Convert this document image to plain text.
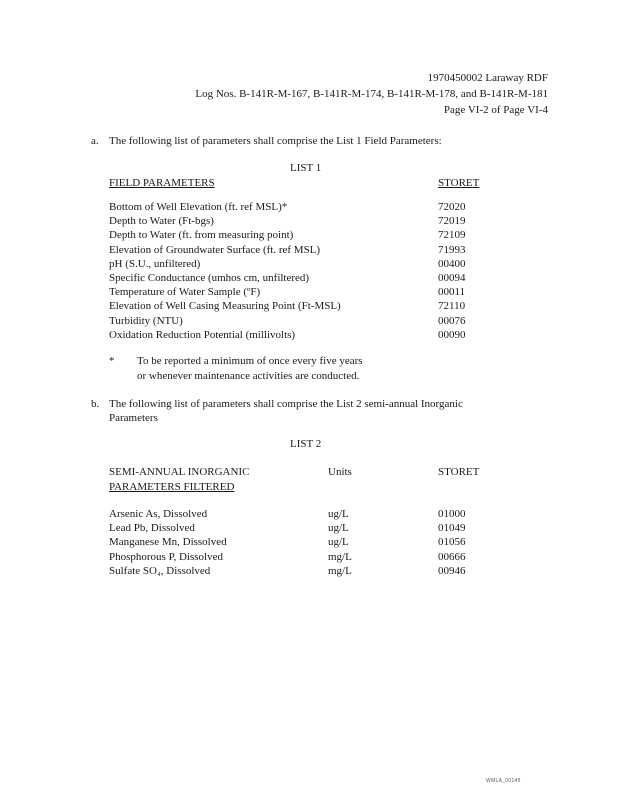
1970450002 Laraway RDF
Log Nos. B-141R-M-167, B-141R-M-174, B-141R-M-178, and B-141R-M-181
Page VI-2 of Page VI-4
a. The following list of parameters shall comprise the List 1 Field Parameters:
LIST 1
FIELD PARAMETERS	STORET
Bottom of Well Elevation (ft. ref MSL)*	72020
Depth to Water (Ft-bgs)	72019
Depth to Water (ft. from measuring point)	72109
Elevation of Groundwater Surface (ft. ref MSL)	71993
pH (S.U., unfiltered)	00400
Specific Conductance (umhos cm, unfiltered)	00094
Temperature of Water Sample (ºF)	00011
Elevation of Well Casing Measuring Point (Ft-MSL)	72110
Turbidity (NTU)	00076
Oxidation Reduction Potential (millivolts)	00090
* To be reported a minimum of once every five years
or whenever maintenance activities are conducted.
b. The following list of parameters shall comprise the List 2 semi-annual Inorganic
Parameters
LIST 2
SEMI-ANNUAL INORGANIC
PARAMETERS FILTERED
Units	STORET
Arsenic As, Dissolved	ug/L	01000
Lead Pb, Dissolved	ug/L	01049
Manganese Mn, Dissolved	ug/L	01056
Phosphorous P, Dissolved	mg/L	00666
Sulfate SO₄, Dissolved	mg/L	00946
WMLA_00145
